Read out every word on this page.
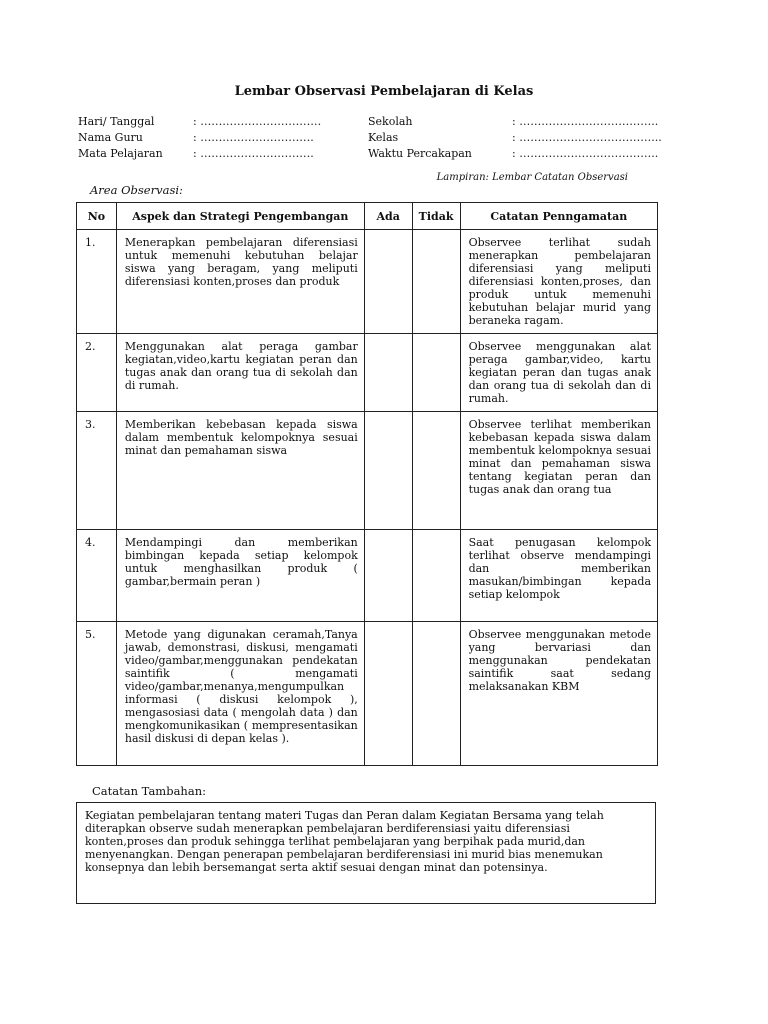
Lembar Observasi Pembelajaran di Kelas
Hari/ Tanggal	: ……………………………
Nama Guru	: ………………………….
Mata Pelajaran	: ………………………….
Sekolah	: ………………………………..
Kelas	: ………………………………...
Waktu Percakapan	: ………………………………..
Lampiran: Lembar Catatan Observasi
Area Observasi:
No	Aspek dan Strategi Pengembangan	Ada	Tidak	Catatan Penngamatan
1.	Menerapkan pembelajaran diferensiasi untuk memenuhi kebutuhan belajar siswa yang beragam, yang meliputi diferensiasi konten,proses dan produk			Observee terlihat sudah menerapkan pembelajaran diferensiasi yang meliputi diferensiasi konten,proses, dan produk untuk memenuhi kebutuhan belajar murid yang beraneka ragam.
2.	Menggunakan alat peraga gambar kegiatan,video,kartu kegiatan peran dan tugas anak dan orang tua di sekolah dan di rumah.			Observee menggunakan alat peraga gambar,video, kartu kegiatan peran dan tugas anak dan orang tua di sekolah dan di rumah.
3.	Memberikan kebebasan kepada siswa dalam membentuk kelompoknya sesuai minat dan pemahaman siswa			Observee terlihat memberikan kebebasan kepada siswa dalam membentuk kelompoknya sesuai minat dan pemahaman siswa tentang kegiatan peran dan tugas anak dan orang tua
4.	Mendampingi dan memberikan bimbingan kepada setiap kelompok untuk menghasilkan produk ( gambar,bermain peran )			Saat penugasan kelompok terlihat observe mendampingi dan memberikan masukan/bimbingan kepada setiap kelompok
5.	Metode yang digunakan ceramah,Tanya jawab, demonstrasi, diskusi, mengamati video/gambar,menggunakan pendekatan saintifik ( mengamati video/gambar,menanya,mengumpulkan informasi ( diskusi kelompok ), mengasosiasi data ( mengolah data ) dan mengkomunikasikan ( mempresentasikan hasil diskusi di depan kelas ).			Observee menggunakan metode yang bervariasi dan menggunakan pendekatan saintifik saat sedang melaksanakan KBM
Catatan Tambahan:
Kegiatan pembelajaran tentang materi Tugas dan Peran dalam Kegiatan Bersama yang telah diterapkan observe sudah menerapkan pembelajaran berdiferensiasi yaitu diferensiasi konten,proses dan produk sehingga terlihat pembelajaran yang berpihak pada murid,dan menyenangkan. Dengan penerapan pembelajaran berdiferensiasi ini murid bias menemukan konsepnya dan lebih bersemangat serta aktif sesuai dengan minat dan potensinya.
